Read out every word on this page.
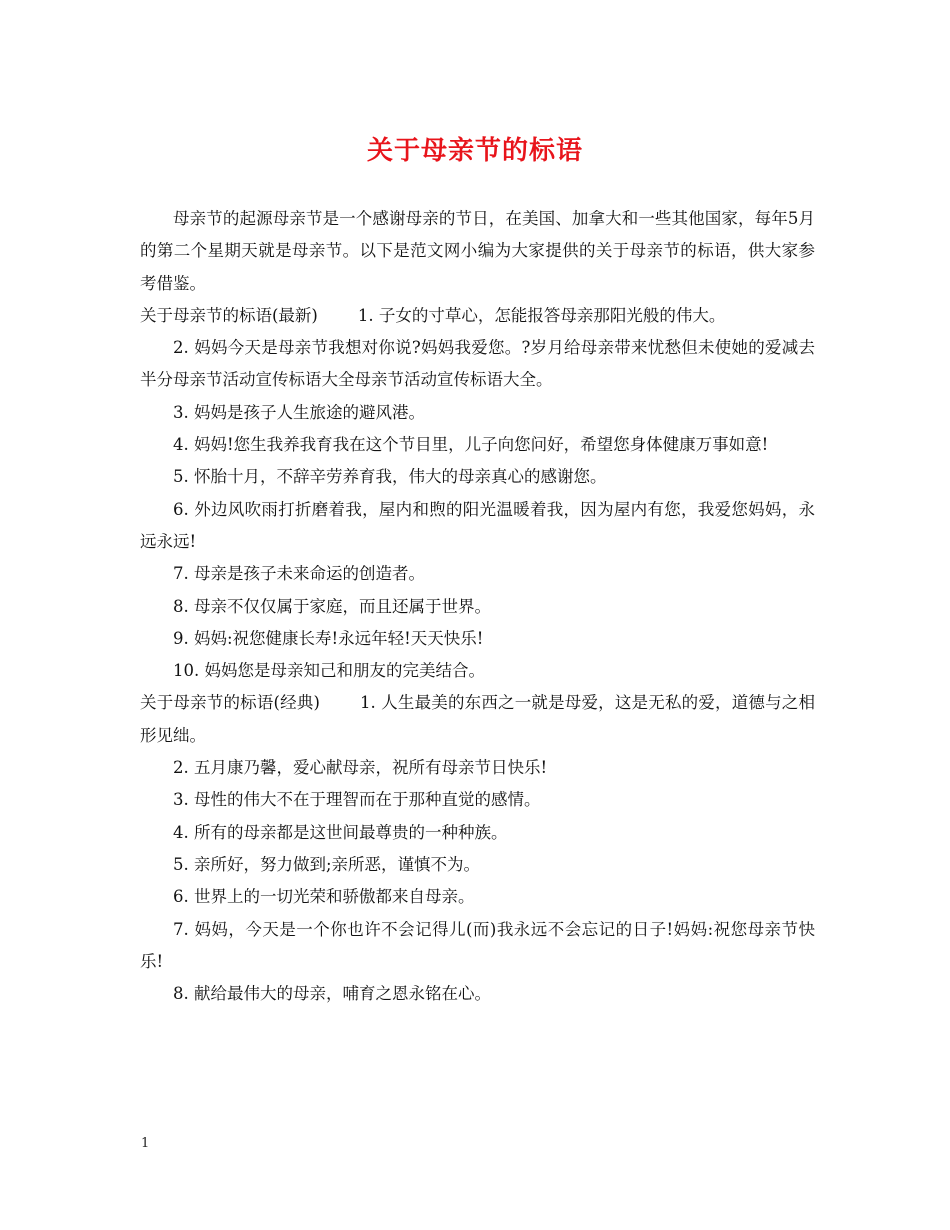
关于母亲节的标语

母亲节的起源母亲节是一个感谢母亲的节日，在美国、加拿大和一些其他国家，每年5月的第二个星期天就是母亲节。以下是范文网小编为大家提供的关于母亲节的标语，供大家参考借鉴。

关于母亲节的标语(最新) 1. 子女的寸草心，怎能报答母亲那阳光般的伟大。

2. 妈妈今天是母亲节我想对你说?妈妈我爱您。?岁月给母亲带来忧愁但未使她的爱减去半分母亲节活动宣传标语大全母亲节活动宣传标语大全。

3. 妈妈是孩子人生旅途的避风港。

4. 妈妈!您生我养我育我在这个节目里，儿子向您问好，希望您身体健康万事如意!

5. 怀胎十月，不辞辛劳养育我，伟大的母亲真心的感谢您。

6. 外边风吹雨打折磨着我，屋内和煦的阳光温暖着我，因为屋内有您，我爱您妈妈，永远永远!

7. 母亲是孩子未来命运的创造者。

8. 母亲不仅仅属于家庭，而且还属于世界。

9. 妈妈:祝您健康长寿!永远年轻!天天快乐!

10. 妈妈您是母亲知己和朋友的完美结合。

关于母亲节的标语(经典) 1. 人生最美的东西之一就是母爱，这是无私的爱，道德与之相形见绌。

2. 五月康乃馨，爱心献母亲，祝所有母亲节日快乐!

3. 母性的伟大不在于理智而在于那种直觉的感情。

4. 所有的母亲都是这世间最尊贵的一种种族。

5. 亲所好，努力做到;亲所恶，谨慎不为。

6. 世界上的一切光荣和骄傲都来自母亲。

7. 妈妈，今天是一个你也许不会记得儿(而)我永远不会忘记的日子!妈妈:祝您母亲节快乐!

8. 献给最伟大的母亲，哺育之恩永铭在心。

1
